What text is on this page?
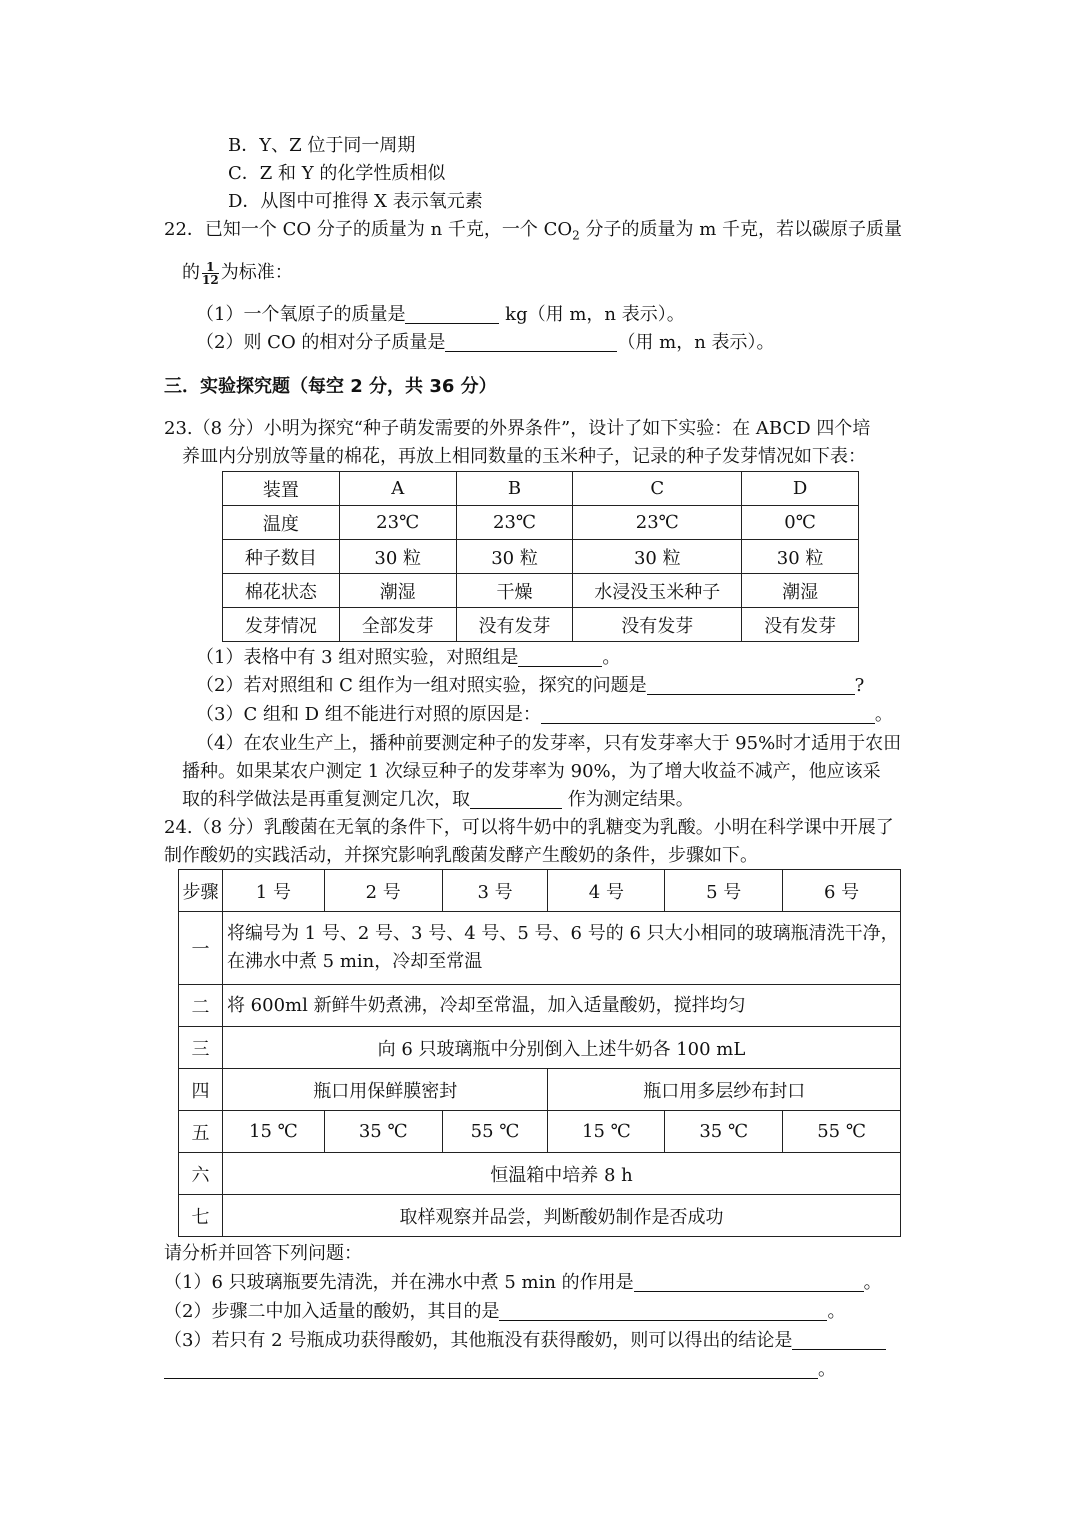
B．Y、Z 位于同一周期
C．Z 和 Y 的化学性质相似
D．从图中可推得 X 表示氧元素
22．已知一个 CO 分子的质量为 n 千克，一个 $CO_2$ 分子的质量为 m 千克，若以碳原子质量
的 $\frac{1}{12}$ 为标准：
（1）一个氧原子的质量是	kg（用 m，n 表示）。
（2）则 CO 的相对分子质量是	（用 m，n 表示）。
三．实验探究题（每空 2 分，共 36 分）
23.（8 分）小明为探究“种子萌发需要的外界条件”，设计了如下实验：在 ABCD 四个培
养皿内分别放等量的棉花，再放上相同数量的玉米种子，记录的种子发芽情况如下表：
装置	A	B	C	D
温度	23℃	23℃	23℃	0℃
种子数目	30 粒	30 粒	30 粒	30 粒
棉花状态	潮湿	干燥	水浸没玉米种子	潮湿
发芽情况	全部发芽	没有发芽	没有发芽	没有发芽
（1）表格中有 3 组对照实验，对照组是	。
（2）若对照组和 C 组作为一组对照实验，探究的问题是	?
（3）C 组和 D 组不能进行对照的原因是：	。
（4）在农业生产上，播种前要测定种子的发芽率，只有发芽率大于 95%时才适用于农田
播种。如果某农户测定 1 次绿豆种子的发芽率为 90%，为了增大收益不减产，他应该采
取的科学做法是再重复测定几次，取	作为测定结果。
24.（8 分）乳酸菌在无氧的条件下，可以将牛奶中的乳糖变为乳酸。小明在科学课中开展了
制作酸奶的实践活动，并探究影响乳酸菌发酵产生酸奶的条件，步骤如下。
步骤	1 号	2 号	3 号	4 号	5 号	6 号
一	将编号为 1 号、2 号、3 号、4 号、5 号、6 号的 6 只大小相同的玻璃瓶清洗干净，
在沸水中煮 5 min，冷却至常温					

二	将 600ml 新鲜牛奶煮沸，冷却至常温，加入适量酸奶，搅拌均匀					
三	向 6 只玻璃瓶中分别倒入上述牛奶各 100 mL					
四	瓶口用保鲜膜密封			瓶口用多层纱布封口		
五	15 ℃	35 ℃	55 ℃	15 ℃	35 ℃	55 ℃
六	恒温箱中培养 8 h					
七	取样观察并品尝，判断酸奶制作是否成功					
请分析并回答下列问题：
（1）6 只玻璃瓶要先清洗，并在沸水中煮 5 min 的作用是	。
（2）步骤二中加入适量的酸奶，其目的是	。
（3）若只有 2 号瓶成功获得酸奶，其他瓶没有获得酸奶，则可以得出的结论是
。
